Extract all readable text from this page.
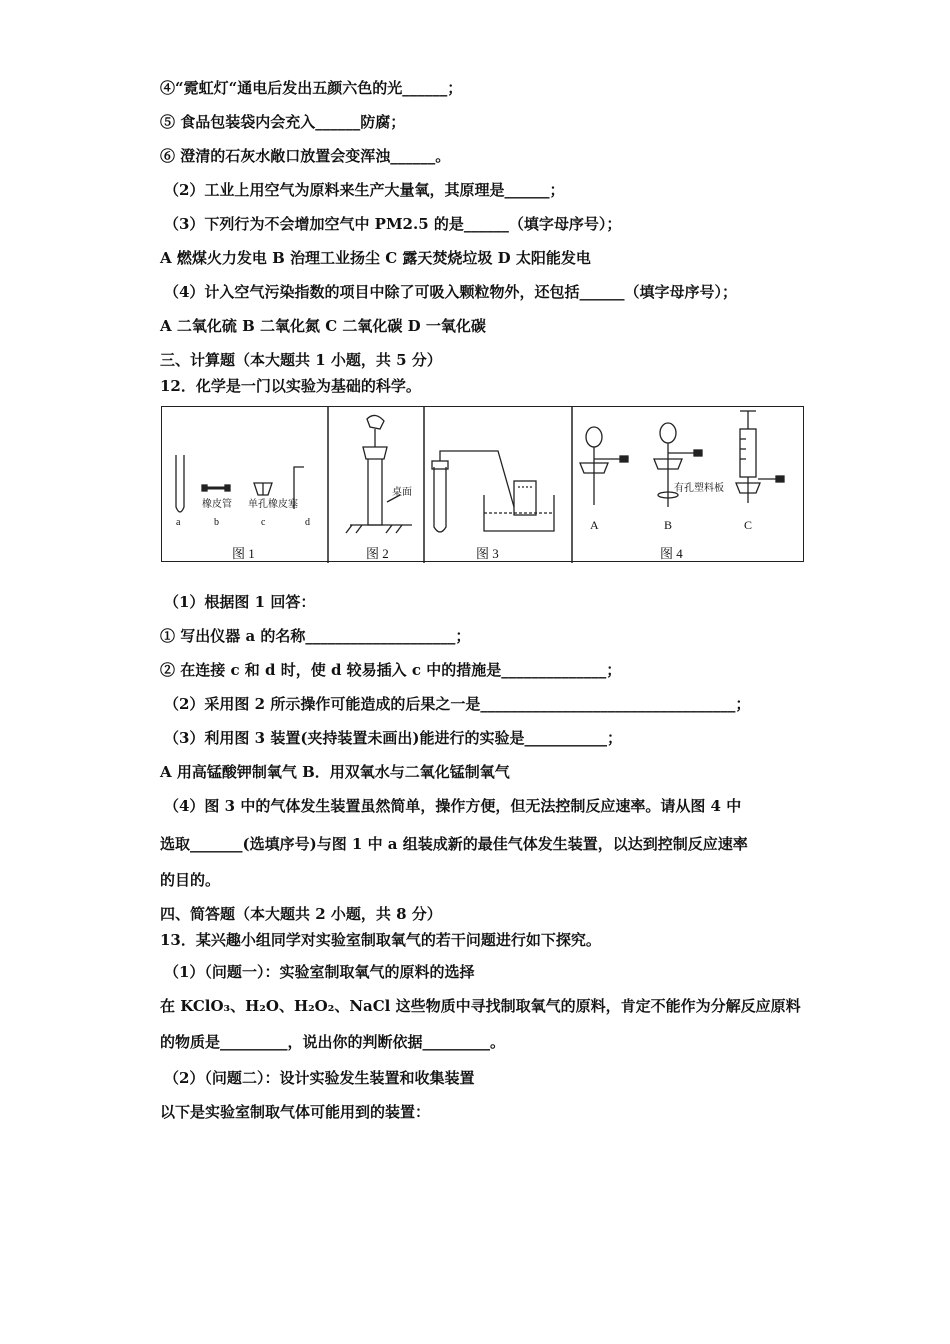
④“霓虹灯“通电后发出五颜六色的光______；
⑤ 食品包装袋内会充入______防腐；
⑥ 澄清的石灰水敞口放置会变浑浊______。
（2）工业上用空气为原料来生产大量氧，其原理是______；
（3）下列行为不会增加空气中 PM2.5 的是______（填字母序号）；
A 燃煤火力发电 B 治理工业扬尘 C 露天焚烧垃圾 D 太阳能发电
（4）计入空气污染指数的项目中除了可吸入颗粒物外，还包括______（填字母序号）；
A 二氧化硫 B 二氧化氮 C 二氧化碳 D 一氧化碳
三、计算题（本大题共 1 小题，共 5 分）
12．化学是一门以实验为基础的科学。
橡皮管 单孔橡皮塞
a	b	c	d
图 1
桌面
图 2	图 3
A
有孔塑料板
B	C
图 4
（1）根据图 1 回答：
① 写出仪器 a 的名称____________________；
② 在连接 c 和 d 时，使 d 较易插入 c 中的措施是______________；
（2）采用图 2 所示操作可能造成的后果之一是__________________________________；
（3）利用图 3 装置(夹持装置未画出)能进行的实验是___________；
A 用高锰酸钾制氧气 B．用双氧水与二氧化锰制氧气
（4）图 3 中的气体发生装置虽然简单，操作方便，但无法控制反应速率。请从图 4 中
选取_______(选填序号)与图 1 中 a 组装成新的最佳气体发生装置，以达到控制反应速率
的目的。
四、简答题（本大题共 2 小题，共 8 分）
13．某兴趣小组同学对实验室制取氧气的若干问题进行如下探究。
（1）（问题一）：实验室制取氧气的原料的选择
在 KClO₃、H₂O、H₂O₂、NaCl 这些物质中寻找制取氧气的原料，肯定不能作为分解反应原料
的物质是_________，说出你的判断依据_________。
（2）（问题二）：设计实验发生装置和收集装置
以下是实验室制取气体可能用到的装置：
